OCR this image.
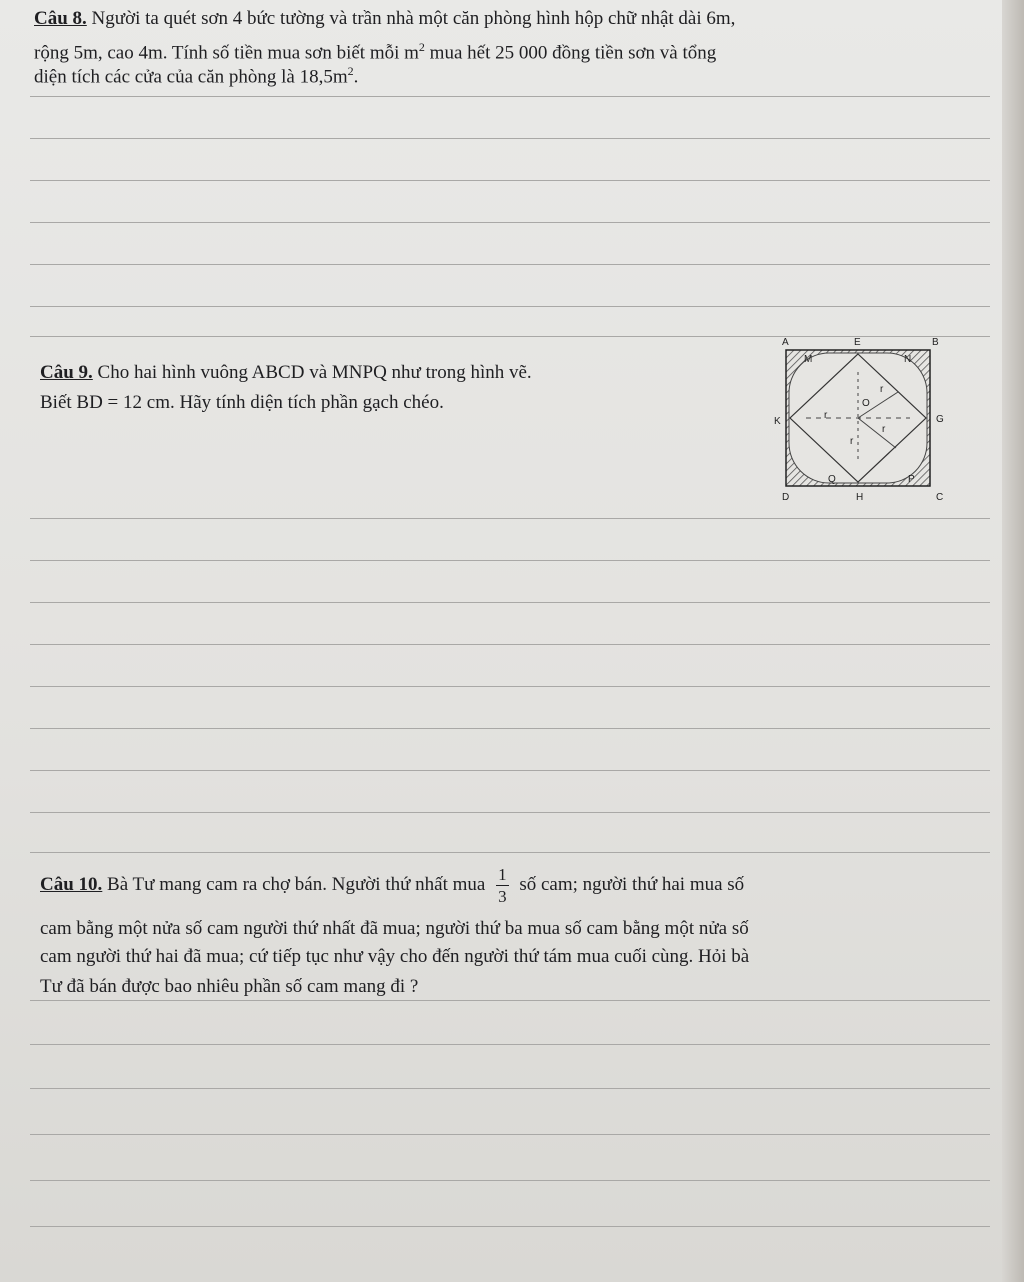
Câu 8. Người ta quét sơn 4 bức tường và trần nhà một căn phòng hình hộp chữ nhật dài 6m,
rộng 5m, cao 4m. Tính số tiền mua sơn biết mỗi $m^2$ mua hết 25 000 đồng tiền sơn và tổng
diện tích các cửa của căn phòng là $18,5m^2$.
Câu 9. Cho hai hình vuông ABCD và MNPQ như trong hình vẽ.
Biết BD = 12 cm. Hãy tính diện tích phần gạch chéo.
A	E	B
M	N
K	G
O
Q	P
D	H	C
r
r
r
r
Câu 10. Bà Tư mang cam ra chợ bán. Người thứ nhất mua $\frac{1}{3}$ số cam; người thứ hai mua số
cam bằng một nửa số cam người thứ nhất đã mua; người thứ ba mua số cam bằng một nửa số
cam người thứ hai đã mua; cứ tiếp tục như vậy cho đến người thứ tám mua cuối cùng. Hỏi bà
Tư đã bán được bao nhiêu phần số cam mang đi ?
